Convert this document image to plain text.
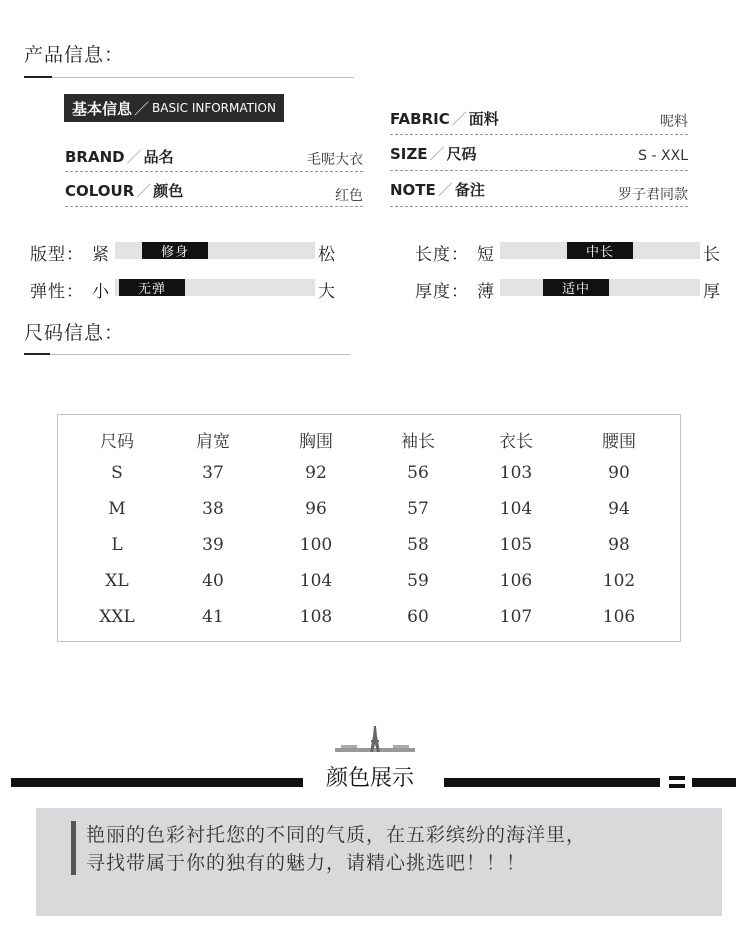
产品信息：
基本信息 ／ BASIC INFORMATION
BRAND ／ 品名	毛呢大衣
COLOUR ／ 颜色	红色
FABRIC ／ 面料	呢料
SIZE ／ 尺码	S - XXL
NOTE ／ 备注	罗子君同款
版型： 紧	修身	松	长度： 短	中长	长
弹性： 小	无弹	大	厚度： 薄	适中	厚
尺码信息：
尺码	肩宽	胸围	袖长	衣长	腰围
S	37	92	56	103	90
M	38	96	57	104	94
L	39	100	58	105	98
XL	40	104	59	106	102
XXL	41	108	60	107	106
颜色展示
艳丽的色彩衬托您的不同的气质，在五彩缤纷的海洋里，
寻找带属于你的独有的魅力，请精心挑选吧！！！
